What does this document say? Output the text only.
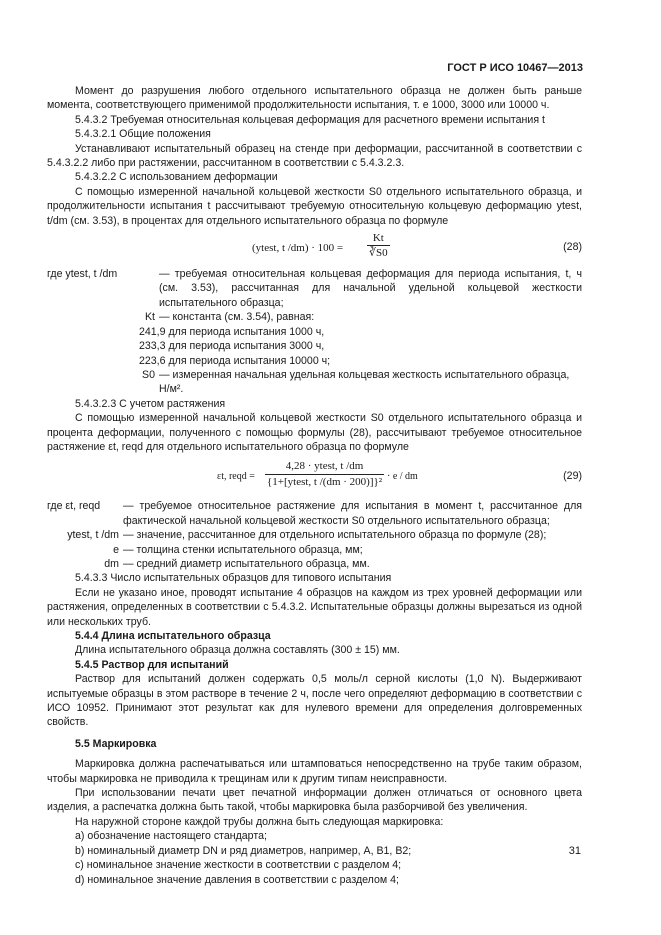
ГОСТ Р ИСО 10467—2013

Момент до разрушения любого отдельного испытательного образца не должен быть раньше момента, соответствующего применимой продолжительности испытания, т. е 1000, 3000 или 10000 ч.

5.4.3.2 Требуемая относительная кольцевая деформация для расчетного времени испытания t

5.4.3.2.1 Общие положения

Устанавливают испытательный образец на стенде при деформации, рассчитанной в соответствии с 5.4.3.2.2 либо при растяжении, рассчитанном в соответствии с 5.4.3.2.3.

5.4.3.2.2 С использованием деформации

С помощью измеренной начальной кольцевой жесткости S0 отдельного испытательного образца, и продолжительности испытания t рассчитывают требуемую относительную кольцевую деформацию ytest, t/dm (см. 3.53), в процентах для отдельного испытательного образца по формуле

(ytest, t $/dm) \cdot 100 = \frac{Kt}{∛S0}$	(28)
где ytest, t /dm	— требуемая относительная кольцевая деформация для периода испытания, t, ч (см. 3.53), рассчитанная для начальной удельной кольцевой жесткости испытательного образца;
Kt — константа (см. 3.54), равная:

241,9 для периода испытания 1000 ч,

233,3 для периода испытания 3000 ч,

223,6 для периода испытания 10000 ч;

S0 — измеренная начальная удельная кольцевая жесткость испытательного образца, Н/м².

5.4.3.2.3 С учетом растяжения

С помощью измеренной начальной кольцевой жесткости S0 отдельного испытательного образца и процента деформации, полученного с помощью формулы (28), рассчитывают требуемое относительное растяжение εt, reqd для отдельного испытательного образца по формуле

εt, reqd =
4,28 · ytest, t /dm
{1+[ytest, t /(dm · 200)]}² · e / dm	(29)
где εt, reqd	— требуемое относительное растяжение для испытания в момент t, рассчитанное для фактической начальной кольцевой жесткости S0 отдельного испытательного образца;
ytest, t /dm — значение, рассчитанное для отдельного испытательного образца по формуле (28);
e — толщина стенки испытательного образца, мм;
dm — средний диаметр испытательного образца, мм.

5.4.3.3 Число испытательных образцов для типового испытания

Если не указано иное, проводят испытание 4 образцов на каждом из трех уровней деформации или растяжения, определенных в соответствии с 5.4.3.2. Испытательные образцы должны вырезаться из одной или нескольких труб.

5.4.4 Длина испытательного образца

Длина испытательного образца должна составлять (300 ± 15) мм.

5.4.5 Раствор для испытаний

Раствор для испытаний должен содержать 0,5 моль/л серной кислоты (1,0 N). Выдерживают испытуемые образцы в этом растворе в течение 2 ч, после чего определяют деформацию в соответствии с ИСО 10952. Принимают этот результат как для нулевого времени для определения долговременных свойств.

5.5 Маркировка

Маркировка должна распечатываться или штамповаться непосредственно на трубе таким образом, чтобы маркировка не приводила к трещинам или к другим типам неисправности.

При использовании печати цвет печатной информации должен отличаться от основного цвета изделия, а распечатка должна быть такой, чтобы маркировка была разборчивой без увеличения.

На наружной стороне каждой трубы должна быть следующая маркировка:

a) обозначение настоящего стандарта;

b) номинальный диаметр DN и ряд диаметров, например, A, B1, B2;

c) номинальное значение жесткости в соответствии с разделом 4;

d) номинальное значение давления в соответствии с разделом 4;

31
